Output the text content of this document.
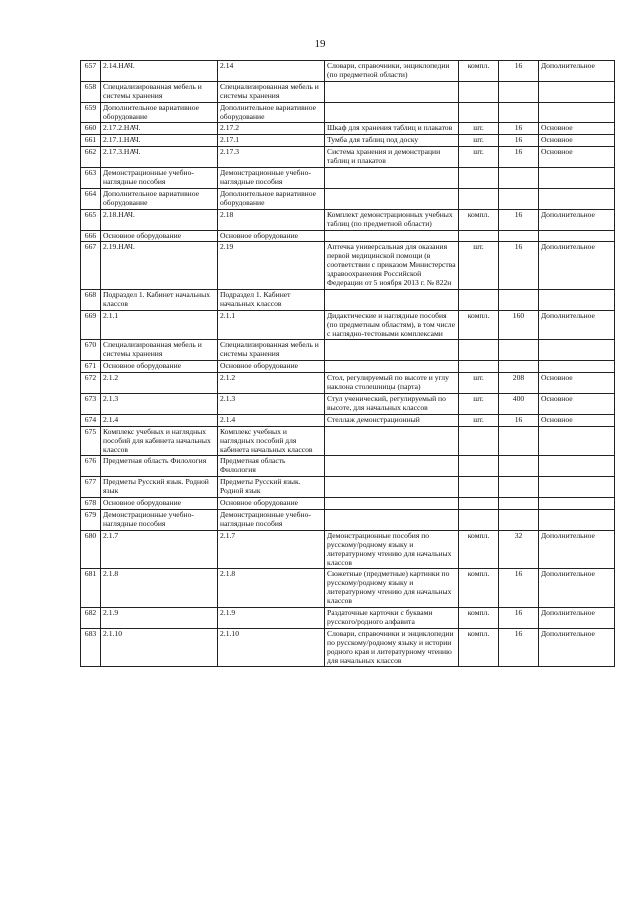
19
657	2.14.НАЧ.	2.14	Словари, справочники, энциклопедии (по предметной области)	компл.	16	Дополнительное
658	Специализированная мебель и системы хранения	Специализированная мебель и системы хранения				
659	Дополнительное вариативное оборудование	Дополнительное вариативное оборудование				
660	2.17.2.НАЧ.	2.17.2	Шкаф для хранения таблиц и плакатов	шт.	16	Основное
661	2.17.1.НАЧ.	2.17.1	Тумба для таблиц под доску	шт.	16	Основное
662	2.17.3.НАЧ.	2.17.3	Система хранения и демонстрации таблиц и плакатов	шт.	16	Основное
663	Демонстрационные учебно-наглядные пособия	Демонстрационные учебно-наглядные пособия				
664	Дополнительное вариативное оборудование	Дополнительное вариативное оборудование				
665	2.18.НАЧ.	2.18	Комплект демонстрационных учебных таблиц (по предметной области)	компл.	16	Дополнительное
666	Основное оборудование	Основное оборудование				
667	2.19.НАЧ.	2.19	Аптечка универсальная для оказания первой медицинской помощи (в соответствии с приказом Министерства здравоохранения Российской Федерации от 5 ноября 2013 г. № 822н	шт.	16	Дополнительное
668	Подраздел 1. Кабинет начальных классов	Подраздел 1. Кабинет начальных классов				
669	2.1.1	2.1.1	Дидактические и наглядные пособия (по предметным областям), в том числе с наглядно-тестовыми комплексами	компл.	160	Дополнительное
670	Специализированная мебель и системы хранения	Специализированная мебель и системы хранения				
671	Основное оборудование	Основное оборудование				
672	2.1.2	2.1.2	Стол, регулируемый по высоте и углу наклона столешницы (парта)	шт.	208	Основное
673	2.1.3	2.1.3	Стул ученический, регулируемый по высоте, для начальных классов	шт.	400	Основное
674	2.1.4	2.1.4	Стеллаж демонстрационный	шт.	16	Основное
675	Комплекс учебных и наглядных пособий для кабинета начальных классов	Комплекс учебных и наглядных пособий для кабинета начальных классов				
676	Предметная область Филология	Предметная область Филология				
677	Предметы Русский язык. Родной язык	Предметы Русский язык. Родной язык				
678	Основное оборудование	Основное оборудование				
679	Демонстрационные учебно-наглядные пособия	Демонстрационные учебно-наглядные пособия				
680	2.1.7	2.1.7	Демонстрационные пособия по русскому/родному языку и литературному чтению для начальных классов	компл.	32	Дополнительное
681	2.1.8	2.1.8	Сюжетные (предметные) картинки по русскому/родному языку и литературному чтению для начальных классов	компл.	16	Дополнительное
682	2.1.9	2.1.9	Раздаточные карточки с буквами русского/родного алфавита	компл.	16	Дополнительное
683	2.1.10	2.1.10	Словари, справочники и энциклопедии по русскому/родному языку и истории родного края и литературному чтению для начальных классов	компл.	16	Дополнительное
